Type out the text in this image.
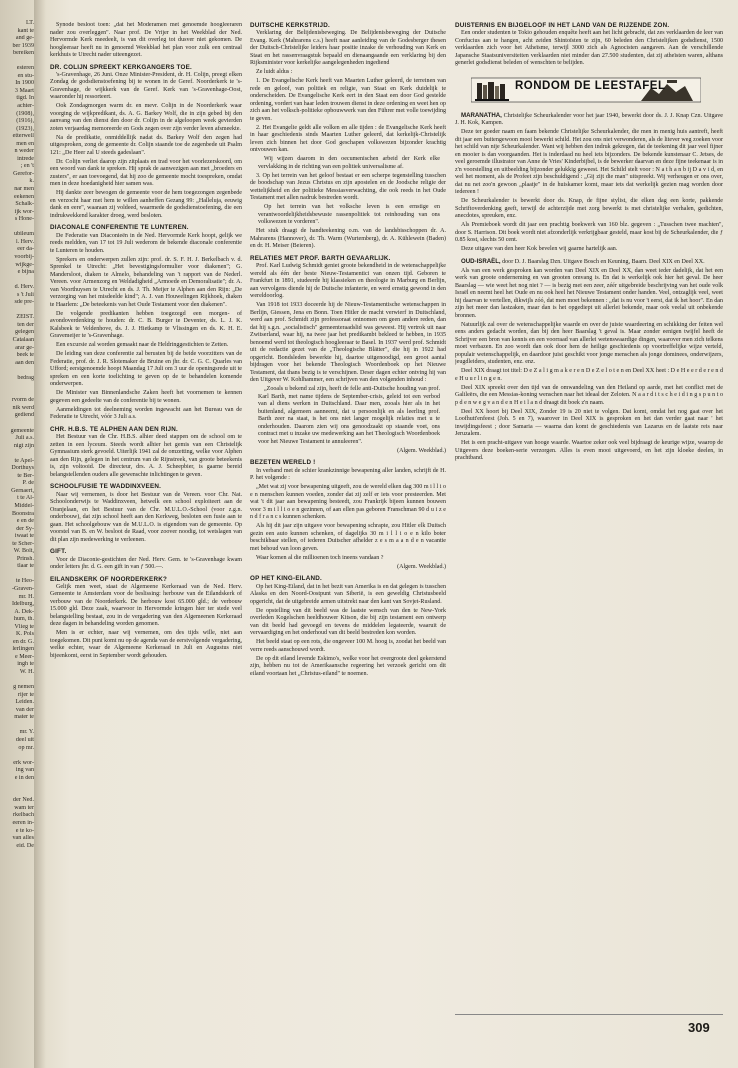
LT.
kant te
and ge-
ber 1939
bereiken
esteren
en stu-
In 1900
3 Maart
tigd. In
achter-
(1908),
(1916),
(1923),
etterwell
men en
n weder
intrede
; en 't
Gerefor-
k.
nar men
eekenen
Schalk-
ijk wor-
s Hone-
ubileum
l. Herv.
eer da-
voorbij-
wijkge-
e bijna
d. Herv.
s 't Juli
sde pre-
ZEIST.
ten der
gelegen
Catalaan
arar ge-
beek te
aan den
bedrag
rvorm de
nik werd
gediend
gemeente
Juli a.s.
nigt zijn
te Apel-
Dorthuys
te Ber-
P. de
Gernaert,
t te Al-
Middel-
Boonstra
e en de
der Sy-
iwaat te
te Scher-
W. Bolt,
Prinsh.
tlaar te
te Heo-
-Graven-
mr. H.
Idelburg,
A. Dek-
hum, th.
Vlieg te
K. Pols
en dr. G.
lerlingen
e Meer-
ingh te
W. H.
g nemen
rijer te
Leiden.
van der
mater te
mr. Y.
deel uit
op mr.
erk wor-
ing van
e in den
der Ned.
wam ter
rkelbach
eeren in-
e te ko-
van alles
eid. De

Synode besloot toen: „dat het Moderamen met genoemde hoogleeraren nader zou overleggen". Naar prof. De Vrijer in het Weekblad der Ned. Hervormde Kerk meedeelt, is van dit overleg tot dusver niet gekomen. De hoogleeraar heeft nu in genoemd Weekblad het plan voor zulk een centraal kerkhuis te Utrecht nader uiteengezet.

DR. COLIJN SPREEKT KERKGANGERS TOE.

's-Gravenhage, 26 Juni. Onze Minister-President, dr. H. Colijn, preegt elken Zondag de godsdienstoefening bij te wonen in de Geref. Noorderkerk te 's-Gravenhage, de wijkkerk van de Geref. Kerk van 's-Gravenhage-Oost, waaronder hij ressorteert.

Ook Zondagmorgen warm dr. en mevr. Colijn in de Noorderkerk waar voorging de wijkpredikant, ds. A. G. Barkey Wolf, die in zijn gebed bij den aanvang van den dienst den door dr. Colijn in de algeloopen week gevierden zoten verjaardag memoreerde en Gods zegen over zijn verder leven afsmeekte.

Na de predikatie, onmiddellijk nadat ds. Barkey Wolf den zegen had uitgesproken, zong de gemeente dr. Colijn staande toe de zegenbede uit Psalm 121: „De Heer zal U steeds gadeslaan".

Dr. Colijn verliet daarop zijn zitplaats en trad voor het voorlezerskoord, om een woord van dank te spreken. Hij sprak de aanwezigen aan met „broeders en zusters", er aan toevoegend, dat hij zoo de gemeente mocht toespreken, omdat men in deze hoedanigheid hier samen was.

Hij dankte zeer bewogen de gemeente voor de hem toegezongen zegenbede en verzocht haar met hem te willen aanheffen Gezang 99: „Halleluja, eeuwig dank en eere", waaraan zij voldeed, waarmede de godsdienstoefening, die een indrukwekkend karakter droeg, werd besloten.

DIACONALE CONFERENTIE TE LUNTEREN.

De Federatie van Diaconieën in de Ned. Hervormde Kerk hoopt, gelijk we reeds meldden, van 17 tot 19 Juli wederom de bekende diaconale conferentie te Lunteren te houden.

Sprekers en onderwerpen zullen zijn: prof. dr. S. F. H. J. Berkelbach v. d. Sprenkel te Utrecht: „Het bevestigingsformulier voor diakenen"; G. Mandersloot, diaken te Almelo, behandeling van 't rapport van de Nederl. Vereen. voor Armenzorg en Weldadigheid „Armoede en Demoralisatie"; dr. A. van Voorthuysen te Utrecht en ds. J. Th. Meijer te Alphen aan den Rijn: „De verzorging van het misdeelde kind"; A. J. van Houwelingen Rijkhoek, diaken te Haarlem: „De beteekenis van het Oude Testament voor den diakenen".

De volgende predikanten hebben toegezegd een morgen- of avondoverdenking te houden: dr. C. B. Burger te Deventer, ds. L. J. K. Kalsbeek te Veldenhove, ds. J. J. Hietkamp te Vlissingen en ds. K. H. E. Gravemeijer te 's-Gravenhage.

Een excursie zal worden gemaakt naar de Heldringgestichten te Zetten.

De leiding van deze conferentie zal berusten bij de beide voorzitters van de Federatie, prof. dr. J. R. Slotemaker de Bruine en jhr. dr. C. G. C. Quarles van Ufford; eerstgenoemde hoopt Maandag 17 Juli om 3 uur de openingsrede uit te spreken en een korte toelichting te geven op de te behandelen komende onderwerpen.

De Minister van Binnenlandsche Zaken heeft het voornemen te kennen gegeven een gedeelte van de conferentie bij te wonen.

Aanmeldingen tot deelneming worden ingewacht aan het Bureau van de Federatie te Utrecht, vóór 3 Juli a.s.

CHR. H.B.S. TE ALPHEN AAN DEN RIJN.

Het Bestuur van de Chr. H.B.S. alhier deed stappen om de school om te zetten in een lyceum. Steeds wordt alhier het gemis van een Christelijk Gymnasium sterk gevoeld. Uiterlijk 1941 zal de omzetting, welke voor Alphen aan den Rijn, gelegen in het centrum van de Rijnstreek, van groote beteekenis is, zijn voltooid. De directeur, drs. A. J. Scheepbier, is gaarne bereid belangstellenden ouders alle gewenschte inlichtingen te geven.

SCHOOLFUSIE TE WADDINXVEEN.

Naar wij vernemen, is door het Bestuur van de Vereen. voor Chr. Nat. Schoolonderwijs te Waddinxveen, hetwelk een school exploiteert aan de Oranjelaan, en het Bestuur van de Chr. M.U.L.O.-School (voor z.g.n. onderbouw), dat zijn school heeft aan den Kerkweg, besloten een fusie aan te gaan. Het schoolgebouw van de M.U.L.O. is eigendom van de gemeente. Op voorstel van B. en W. besloot de Raad, voor zoover noodig, tot wetslagen van dit plan zijn medewerking te verleenen.

GIFT.

Voor de Diaconie-gestichten der Ned. Herv. Gem. te 's-Gravenhage kwam onder letters jhr. d. G. een gift in van ƒ 500.—.

EILANDSKERK OF NOORDERKERK?

Gelijk men weet, staat de Algemeene Kerkeraad van de Ned. Herv. Gemeente te Amsterdam voor de beslissing: herbouw van de Eilandskerk of verbouw van de Noorderkerk. De herbouw kost 65.000 gld.; de verbouw 15.000 gld. Deze zaak, waarvoor in Hervormde kringen hier ter stede veel belangstelling bestaat, zou in de vergadering van den Algemeenen Kerkeraad deze dagen in behandeling worden genomen.

Men is er echter, naar wij vernemen, om des tijds wille, niet aan toegekomen. Dit punt komt nu op de agenda van de eerstvolgende vergadering, welke echter, waar de Algemeene Kerkeraad in Juli en Augustus niet bijeenkomt, eerst in September wordt gehouden.

DUITSCHE KERKSTRIJD.

Verklaring der Belijdenisbeweging. De Belijdenisbeweging der Duitsche Evang. Kerk (Mahrarens c.s.) heeft naar aanleiding van de Godesberger thesen der Duitsch-Christelijke leiders haar positie inzake de verhouding van Kerk en Staat en het rassenvraagstuk bepaald en dienaangaande een verklaring bij den Rijksminister voor kerkelijke aangelegenheden ingediend

Ze luidt aldus :

1. De Evangelische Kerk heeft van Maarten Luther geleerd, de terreinen van rede en geloof, van politiek en religie, van Staat en Kerk duidelijk te onderscheiden. De Evangelische Kerk eert in den Staat een door God gestelde ordening, vordert van haar leden trouwen dienst in deze ordening en weet hen op zich aan het volksch-politieke opbouwwerk van den Führer met volle toewijding te geven.

2. Het Evangelie geldt alle volken en alle tijden : de Evangelische Kerk heeft in haar geschiedenis sinds Maarten Luther geleerd, dat kerkelijk-Christelijk leven zich binnen het door God geschapen volkswezen bijzonder krachtig ontvouwen kan.

Wij wijzen daarom in den oecumenischen arbeid der Kerk elke vervlakking in de richting van een politiek universalisme af.

3. Op het terrein van het geloof bestaat er een scherpe tegenstelling tusschen de boodschap van Jezus Christus en zijn apostelen en de Joodsche religie der wettelijkheid en der politieke Messiasverwachting, die ook reeds in het Oude Testament met allen nadruk bestreden wordt.

Op het terrein van het volksche leven is een ernstige en verantwoordelijkheidsbewuste rassenpolitiek tot reinhouding van ons volkswezen te vorderen".

Het stuk draagt de handteekening o.m. van de landsbisschoppen dr. A. Mahrarens (Hannover), dr. Th. Warm (Wurtemberg), dr. A. Kühlewein (Baden) en dr. H. Meiser (Beieren).

RELATIES MET PROF. BARTH GEVAARLIJK.

Prof. Karl Ludwig Schmidt geniet groote bekendheid in de wetenschappelijke wereld als één der beste Nieuw-Testamenticі van onzen tijd. Geboren te Frankfurt in 1891, studeerde hij klassieken en theologie in Marburg en Berlijn, aan vervolgens diende hij de Duitsche infanterie, en werd ernstig gewond in den wereldoorlog.

Van 1918 tot 1933 doceerde hij de Nieuw-Testamentische wetenschappen in Berlijn, Giessen, Jena en Bonn. Toen Hitler de macht verwierf in Duitschland, werd aan prof. Schmidt zijn professoraat ontnomen om geen andere reden, dan dat hij s.g.n. „socialistisch" gemeenteraadslid was geweest. Hij vertrok uit naar Zwitserland, waar hij, na twee jaar het predikambt bekleed te hebben, in 1935 benoemd werd tot theologisch hoogleeraar te Basel. In 1937 werd prof. Schmidt uit de redactie gezet van de „Theologische Blätter", die hij in 1922 had opgericht. Bondsleden bewerkte hij, daartoe uitgenoodigd, een groot aantal bijdragen voor het bekende Theologisch Woordenboek op het Nieuwe Testament, dat thans bezig is te verschijnen. Deser dagen echter ontving hij van den Uitgever W. Kohlhammer, een schrijven van den volgenden inhoud :

„Zooals u bekend zal zijn, heeft de felle anti-Duitsche houding van prof. Karl Barth, met name tijdens de September-crisis, geleid tot een verbod van al diens werken in Duitschland. Daar men, zooals hier als in het buitenland, algemeen aanneemt, dat u persoonlijk en als leerling prof. Barth zeer na staat, is het ons niet langer mogelijk relaties met u te onderhouden. Daarom zien wij ons genoodzaakt op staande voet, ons contract met u inzake uw medewerking aan het Theologisch Woordenboek voor het Nieuwe Testament te annuleeren".

(Algem. Weekblad.)
BEZETEN WERELD !

In verband met de schier krankzinnige bewapening aller landen, schrijft de H. P. het volgende :

„Met wat zij voor bewapening uitgeeft, zou de wereld elken dag 300 m i l l i o e n menschen kunnen voeden, zonder dat zij zelf er iets voor presteerden. Met wat 't dit jaar aan bewapening besteedt, zou Frankrijk bijeen kunnen bouwen voor 3 m i l l i o e n gezinnen, of aan ellen pas geboren Franschman 90 d u i z e n d f r a n c s kunnen schenken.

Als hij dit jaar zijn uitgave voor bewapening schrapte, zou Hitler elk Duitsch gezin een auto kunnen schenken, of dagelijks 30 m i l l i o e n kilo boter beschikbaar stellen, of iederen Duitscher afhelder z e s m a a n d e n vacantie met behoud van loon geven.

Waar komen al die millioenen toch ineens vandaan ?

(Algem. Weekblad.)
OP HET KING-EILAND.

Op het King-Eiland, dat in het bezit van Amerika is en dat gelegen is tusschen Alaska en den Noord-Oostpunt van Siberië, is een geweldig Christusbeeld opgericht, dat de uitgebreide armen uitstrekt naar den kant van Sovjet-Rusland.

De opstelling van dit beeld was de laatste wensch van den te New-York overleden Kogelschen heeldhouwer Kitson, die bij zijn testament een ontwerp van dit beeld had gevoegd en tevens de middelen legateerde, waaruit de vervaardiging en het onderhoud van dit beeld bestreden kon worden.

Het beeld staat op een rots, die ongeveer 100 M. hoog is, zoodat het beeld van verre reeds aanschouwd wordt.

De op dit eiland levende Eskimo's, welke voor het overgroote deel gekerstend zijn, hebben nu tot de Amerikaansche regeering het verzoek gericht om dit eiland voortaan het „Christus-eiland" te noemen.

DUISTERNIS EN BIJGELOOF IN HET LAND VAN DE RIJZENDE ZON.

Een onder studenten te Tokio gehouden enquête heeft aan het licht gebracht, dat zes verklaarden de leer van Confucius aan te hangen, acht zeiden Shintoïsten te zijn, 60 beleden den Christelijken godsdienst, 1500 verklaarden zich voor het Atheïsme, terwijl 3000 zich als Agnocisten aangaven. Aan de verschillende Japansche Staatsuniversiteiten verklaarden niet minder dan 27.500 studenten, dat zij atheïsten waren, althans generlei godsdienst beleden of wenschten te belijden.

RONDOM DE LEESTAFEL

MARANATHA, Christelijke Scheurkalender voor het jaar 1940, bewerkt door ds. J. J. Knap Czn. Uitgave J. H. Kok, Kampen.

Deze ter goeder naam en faam bekende Christelijke Scheurkalender, die men in menig huis aantreft, heeft dit jaar een buitengewoon mooi bewerkt schild. Het zou ons niet verwonderen, als de litever weg zoeken voor het schild van nije Scheurkalender. Want wij hebben den indruk gekregen, dat de teekening dit jaar veel fijner en mooier is dan voorgaanden. Het is inderdaad nu heel iets bijzonders. De bekende kunstenaar C. Jetses, de veel geroemde illustrator van Anne de Vries' Kinderbijbel, is de bewerker daarvan en deze fijne teekenaar is in z'n voorstelling en uitbeelding bijzonder gelukkig geweest. Het Schild stelt voor : N a t h a n b ij D a v i d, en wel het moment, als de Profeet zijn beschuldigend : „Gij zijt die man" uitspreekt. Wij verheugen er ons over, dat nu net zoo'n gewoon „plaatje" in de huiskamer komt, maar iets dat werkelijk gezien mag worden door iedereen !

De Scheurkalender is bewerkt door ds. Knap, de fijne stylist, die elken dag een korte, pakkende Schriftoverdenking geeft, terwijl de achterzijde met zorg bewerkt is met christelijke verhalen, gedichten, anecdotes, spreuken, enz.

Als Premieboek wordt dit jaar een prachtig boekwerk van 160 blz. gegeven : „Tusschen twee machten", door S. Harrison. Dit boek wordt niet afzonderlijk verkrijgbaar gesteld, maar kost bij de Scheurkalender, die ƒ 0.85 kost, slechts 50 cent.

Deze uitgave van den heer Kok bevelen wij gaarne hartelijk aan.

OUD-ISRAËL, door D. J. Baarslag Dzn. Uitgave Bosch en Keuning, Baarn. Deel XIX en Deel XX.

Als van een werk gesproken kan worden van Deel XIX en Deel XX, dan weet ieder dadelijk, dat het een werk van groote onderneming en van grooten omvang is. En dat is werkelijk ook hier het geval. De heer Baarslag — wie weet het nog niet ? — is bezig met een zeer, zéér uitgebreide beschrijving van het oude volk Israël en neemt heel het Oude en nu ook heel het Nieuwe Testament onder handen. Veel, ontzaglijk veel, weet hij daarvan te vertellen, dikwijls zóó, dat men moet bekennen : „dat is nu voor 't eerst, dat ik het hoor". En dan zijn het meer dan lastzaken, maar dan is het opgediept uit allerlei bekende, maar ook veelal uit onbekende bronnen.

Natuurlijk zal over de wetenschappelijke waarde en over de juiste waardeering en schikking der feiten wel eens anders gedacht worden, dan bij den heer Baarslag 't geval is. Maar zonder eenigen twijfel heeft de Schrijver een bron van kennis en een voorraad van allerlei wetenswaardige dingen, waarover men zich telkens moet verbazen. En zoo wordt dan ook door hem de heilige geschiedenis op voortreffelijke wijze verteld, populair wetenschappelijk, en daardoor juist geschikt voor jonge menschen als jonge dominees, onderwijzers, jeugdleiders, studenten, enz. enz.

Deel XIX draagt tot titel: D e Z a l i g m a k e r e n D e Z e l o t e n en Deel XX heet : D e H e e r d e r e n d e H u u r l i n g e n.

Deel XIX spreekt over den tijd van de omwandeling van den Heiland op aarde, met het conflict met de Galileërs, die een Messias-koning wenschen naar het ideaal der Zeloten. N a a r d i t s c h e i d i n g s p u n t o p d e n w e g v a n d e n H e i l a n d draagt dit boek z'n naam.

Deel XX hoort bij Deel XIX, Zonder 19 is 20 niet te volgen. Dat komt, omdat het nog gaat over het Loofhutt'enfeest (Joh. 5 en 7), waarover in Deel XIX is gesproken en het dan verder gaat naar ' het inwijdingsfeest ; door Samaria — waarna dan komt de geschiedenis van Lazarus en de laatste reis naar Jeruzalem.

Het is een pracht-uitgave van hooge waarde. Waartoe zeker ook veel bijdraagt de keurige wijze, waarop de Uitgevers deze boeken-serie verzorgen. Alles is even mooi uitgevoerd, en het zijn kloeke deelen, in prachtband.

309
